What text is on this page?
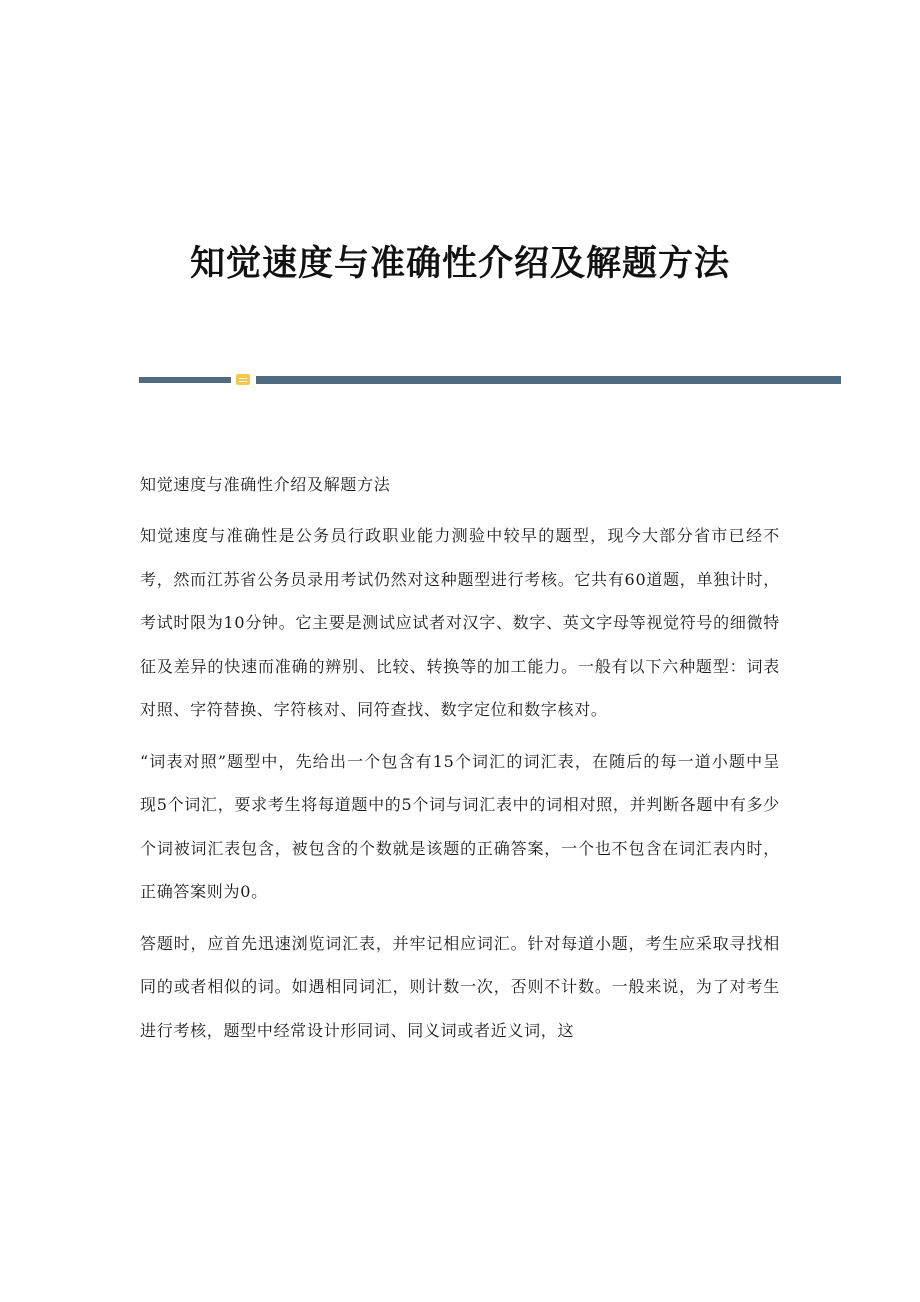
知觉速度与准确性介绍及解题方法

知觉速度与准确性介绍及解题方法

知觉速度与准确性是公务员行政职业能力测验中较早的题型，现今大部分省市已经不考，然而江苏省公务员录用考试仍然对这种题型进行考核。它共有60道题，单独计时，考试时限为10分钟。它主要是测试应试者对汉字、数字、英文字母等视觉符号的细微特征及差异的快速而准确的辨别、比较、转换等的加工能力。一般有以下六种题型：词表对照、字符替换、字符核对、同符查找、数字定位和数字核对。

“词表对照”题型中，先给出一个包含有15个词汇的词汇表，在随后的每一道小题中呈现5个词汇，要求考生将每道题中的5个词与词汇表中的词相对照，并判断各题中有多少个词被词汇表包含，被包含的个数就是该题的正确答案，一个也不包含在词汇表内时，正确答案则为0。

答题时，应首先迅速浏览词汇表，并牢记相应词汇。针对每道小题，考生应采取寻找相同的或者相似的词。如遇相同词汇，则计数一次，否则不计数。一般来说，为了对考生进行考核，题型中经常设计形同词、同义词或者近义词，这
